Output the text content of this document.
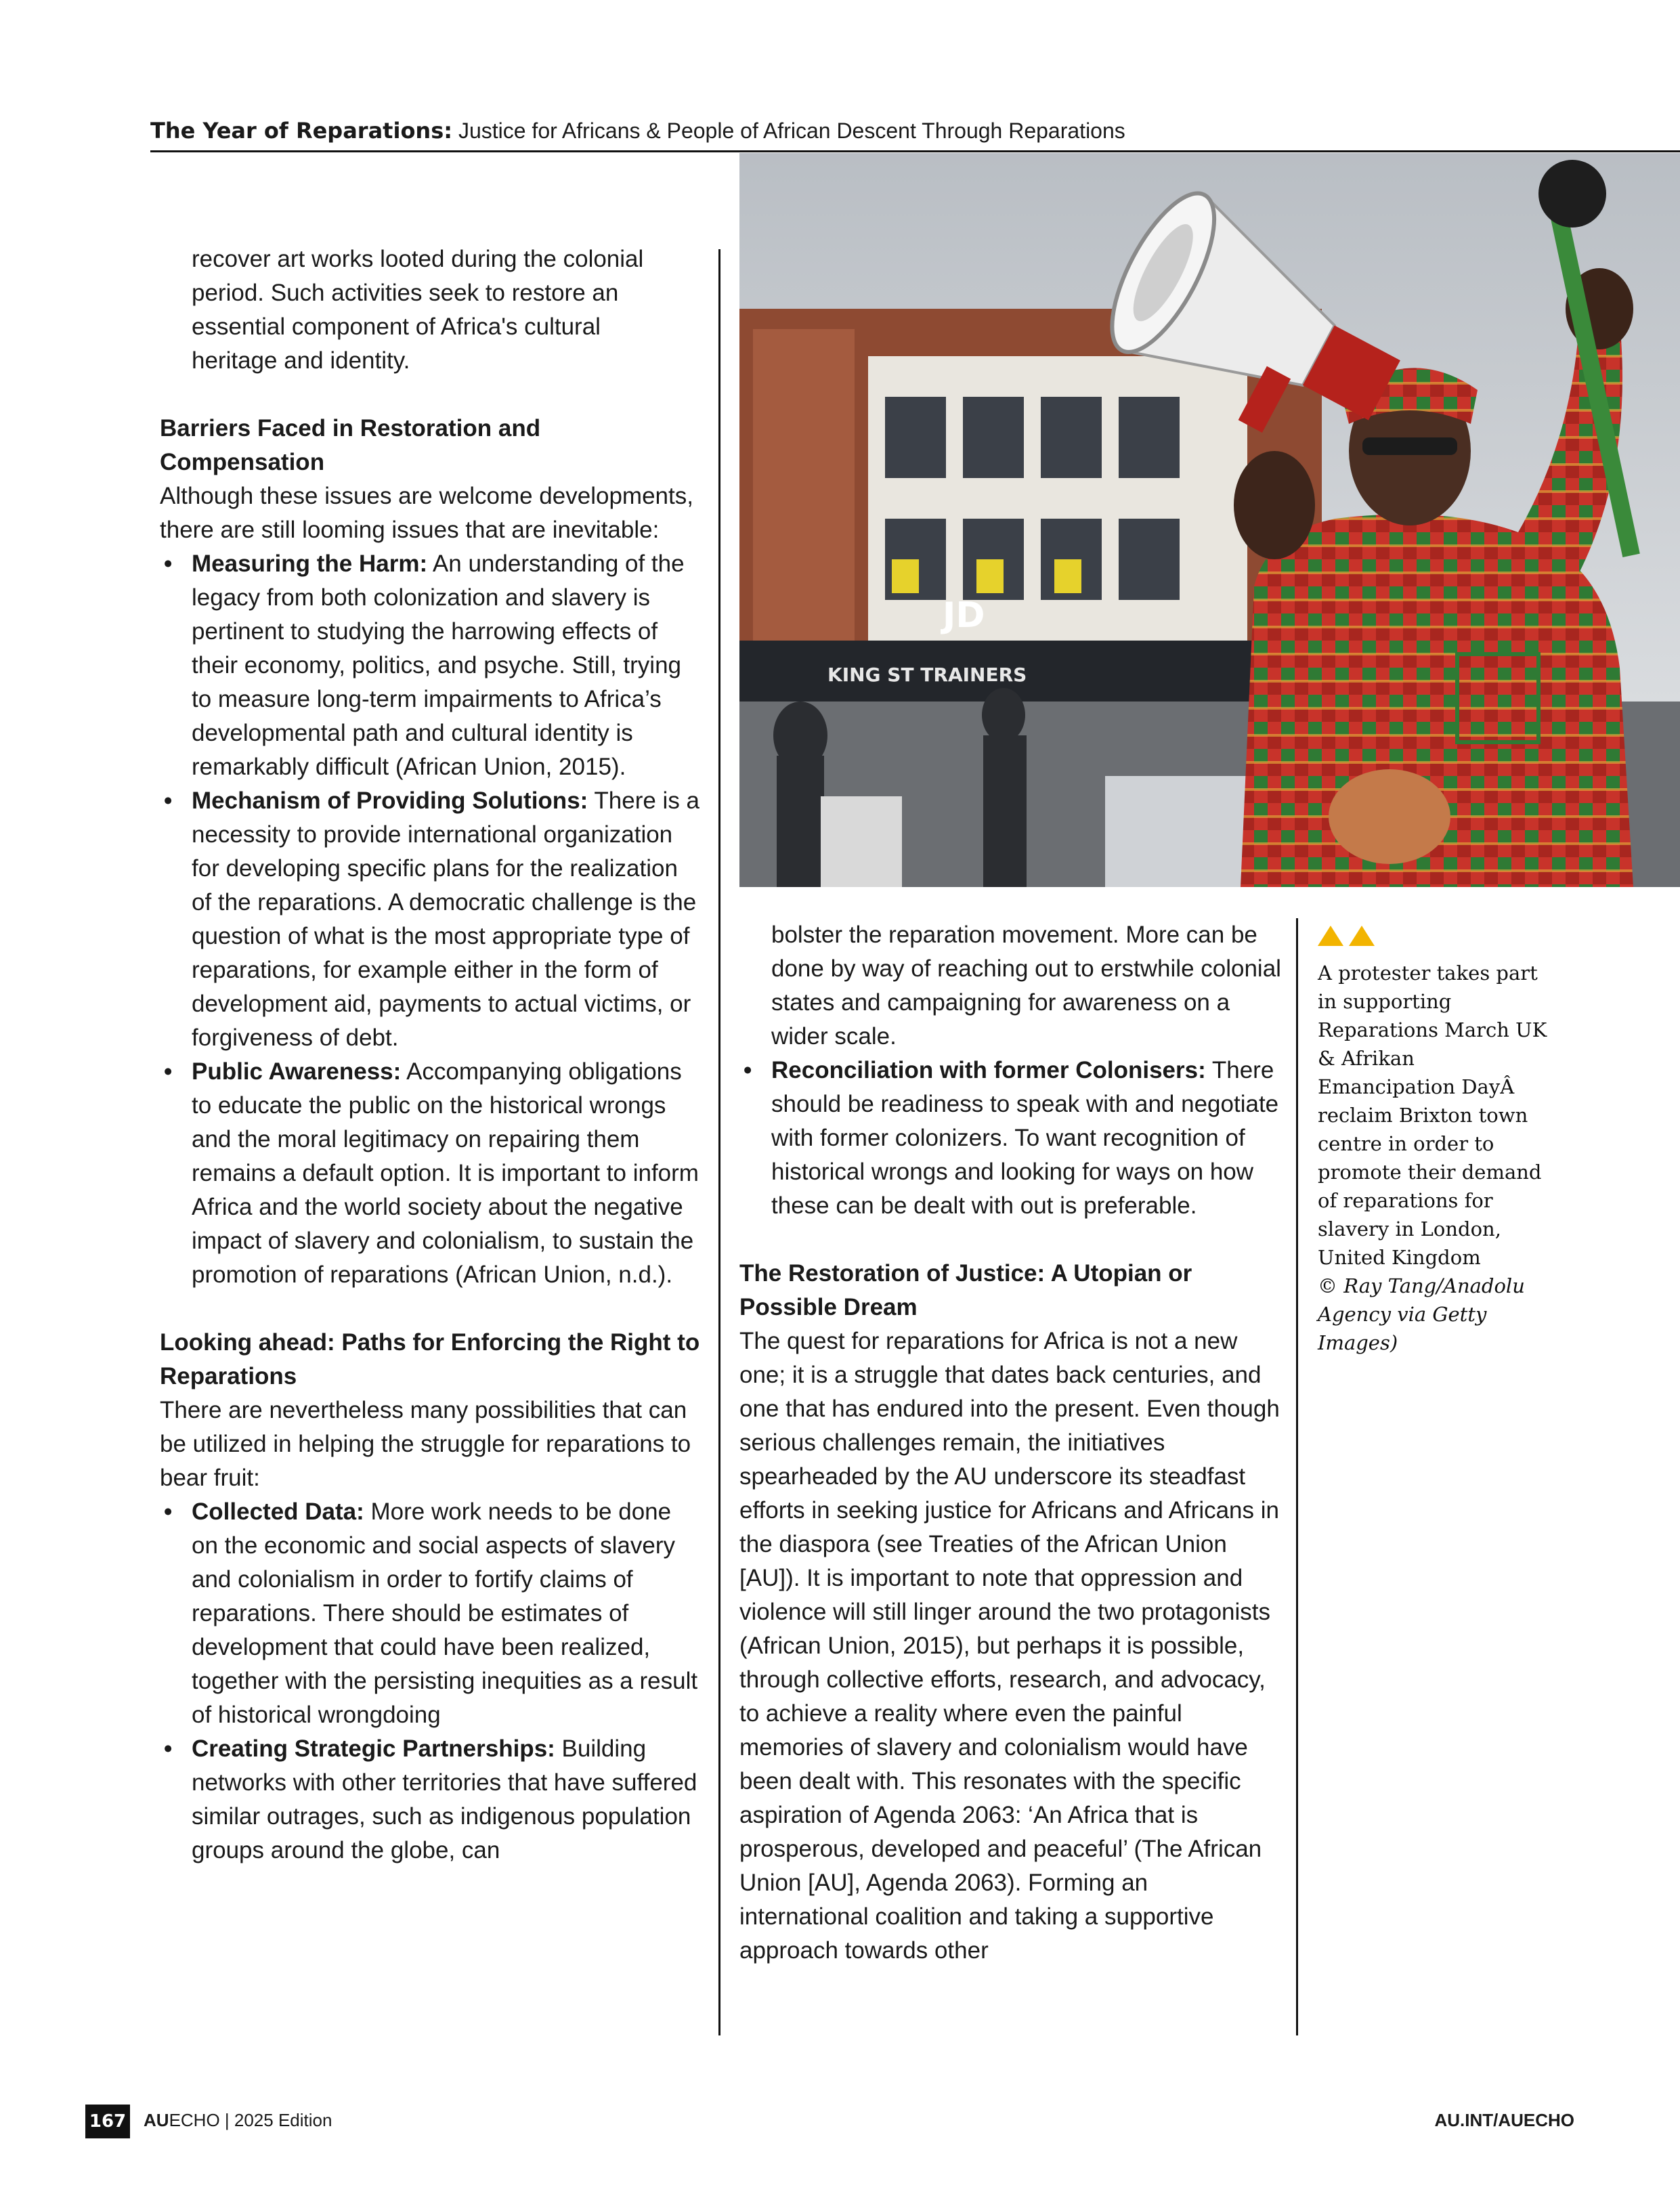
The Year of Reparations: Justice for Africans & People of African Descent Through Reparations
recover art works looted during the colonial
period. Such activities seek to restore an
essential component of Africa's cultural
heritage and identity.
Barriers Faced in Restoration and Compensation
Although these issues are welcome developments, there are still looming issues that are inevitable:
• Measuring the Harm: An understanding of the legacy from both colonization and slavery is pertinent to studying the harrowing effects of their economy, politics, and psyche. Still, trying to measure long-term impairments to Africa’s developmental path and cultural identity is remarkably difficult (African Union, 2015).
• Mechanism of Providing Solutions: There is a necessity to provide international organization for developing specific plans for the realization of the reparations. A democratic challenge is the question of what is the most appropriate type of reparations, for example either in the form of development aid, payments to actual victims, or forgiveness of debt.
• Public Awareness: Accompanying obligations to educate the public on the historical wrongs and the moral legitimacy on repairing them remains a default option. It is important to inform Africa and the world society about the negative impact of slavery and colonialism, to sustain the promotion of reparations (African Union, n.d.).
Looking ahead: Paths for Enforcing the Right to Reparations
There are nevertheless many possibilities that can be utilized in helping the struggle for reparations to bear fruit:
• Collected Data: More work needs to be done on the economic and social aspects of slavery and colonialism in order to fortify claims of reparations. There should be estimates of development that could have been realized, together with the persisting inequities as a result of historical wrongdoing
• Creating Strategic Partnerships: Building networks with other territories that have suffered similar outrages, such as indigenous population groups around the globe, can
KING ST TRAINERS
JD
bolster the reparation movement. More can be done by way of reaching out to erstwhile colonial states and campaigning for awareness on a wider scale.
• Reconciliation with former Colonisers: There should be readiness to speak with and negotiate with former colonizers. To want recognition of historical wrongs and looking for ways on how these can be dealt with out is preferable.
The Restoration of Justice: A Utopian or Possible Dream
The quest for reparations for Africa is not a new one; it is a struggle that dates back centuries, and one that has endured into the present. Even though serious challenges remain, the initiatives spearheaded by the AU underscore its steadfast efforts in seeking justice for Africans and Africans in the diaspora (see Treaties of the African Union [AU]). It is important to note that oppression and violence will still linger around the two protagonists (African Union, 2015), but perhaps it is possible, through collective efforts, research, and advocacy, to achieve a reality where even the painful memories of slavery and colonialism would have been dealt with. This resonates with the specific aspiration of Agenda 2063: ‘An Africa that is prosperous, developed and peaceful’ (The African Union [AU], Agenda 2063). Forming an international coalition and taking a supportive approach towards other
A protester takes part in supporting Reparations March UK & Afrikan Emancipation DayÂ reclaim Brixton town centre in order to promote their demand of reparations for slavery in London, United Kingdom
© Ray Tang/Anadolu Agency via Getty Images)
167 AUECHO | 2025 Edition	AU.INT/AUECHO
